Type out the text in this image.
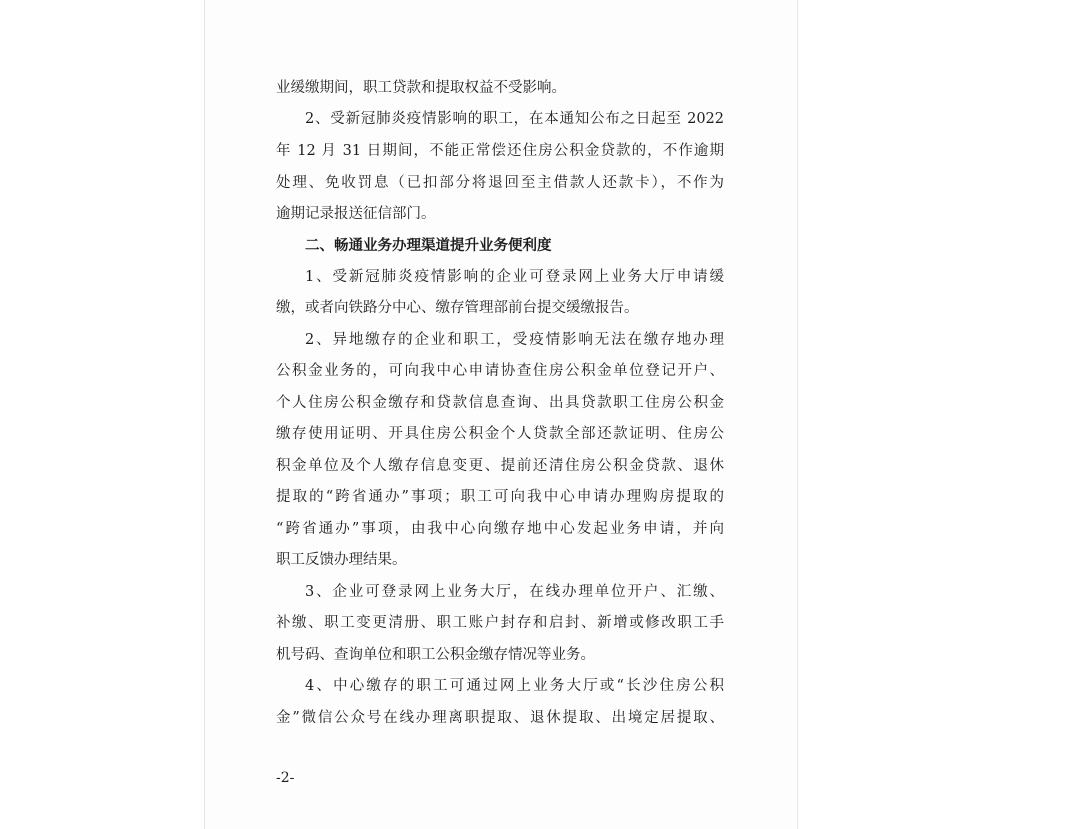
业缓缴期间，职工贷款和提取权益不受影响。
2、受新冠肺炎疫情影响的职工，在本通知公布之日起至 2022
年 12 月 31 日期间，不能正常偿还住房公积金贷款的，不作逾期
处理、免收罚息（已扣部分将退回至主借款人还款卡），不作为
逾期记录报送征信部门。
二、畅通业务办理渠道提升业务便利度
1、受新冠肺炎疫情影响的企业可登录网上业务大厅申请缓
缴，或者向铁路分中心、缴存管理部前台提交缓缴报告。
2、异地缴存的企业和职工，受疫情影响无法在缴存地办理
公积金业务的，可向我中心申请协查住房公积金单位登记开户、
个人住房公积金缴存和贷款信息查询、出具贷款职工住房公积金
缴存使用证明、开具住房公积金个人贷款全部还款证明、住房公
积金单位及个人缴存信息变更、提前还清住房公积金贷款、退休
提取的“跨省通办”事项；职工可向我中心申请办理购房提取的
“跨省通办”事项，由我中心向缴存地中心发起业务申请，并向
职工反馈办理结果。
3、企业可登录网上业务大厅，在线办理单位开户、汇缴、
补缴、职工变更清册、职工账户封存和启封、新增或修改职工手
机号码、查询单位和职工公积金缴存情况等业务。
4、中心缴存的职工可通过网上业务大厅或“长沙住房公积
金”微信公众号在线办理离职提取、退休提取、出境定居提取、
-2-
